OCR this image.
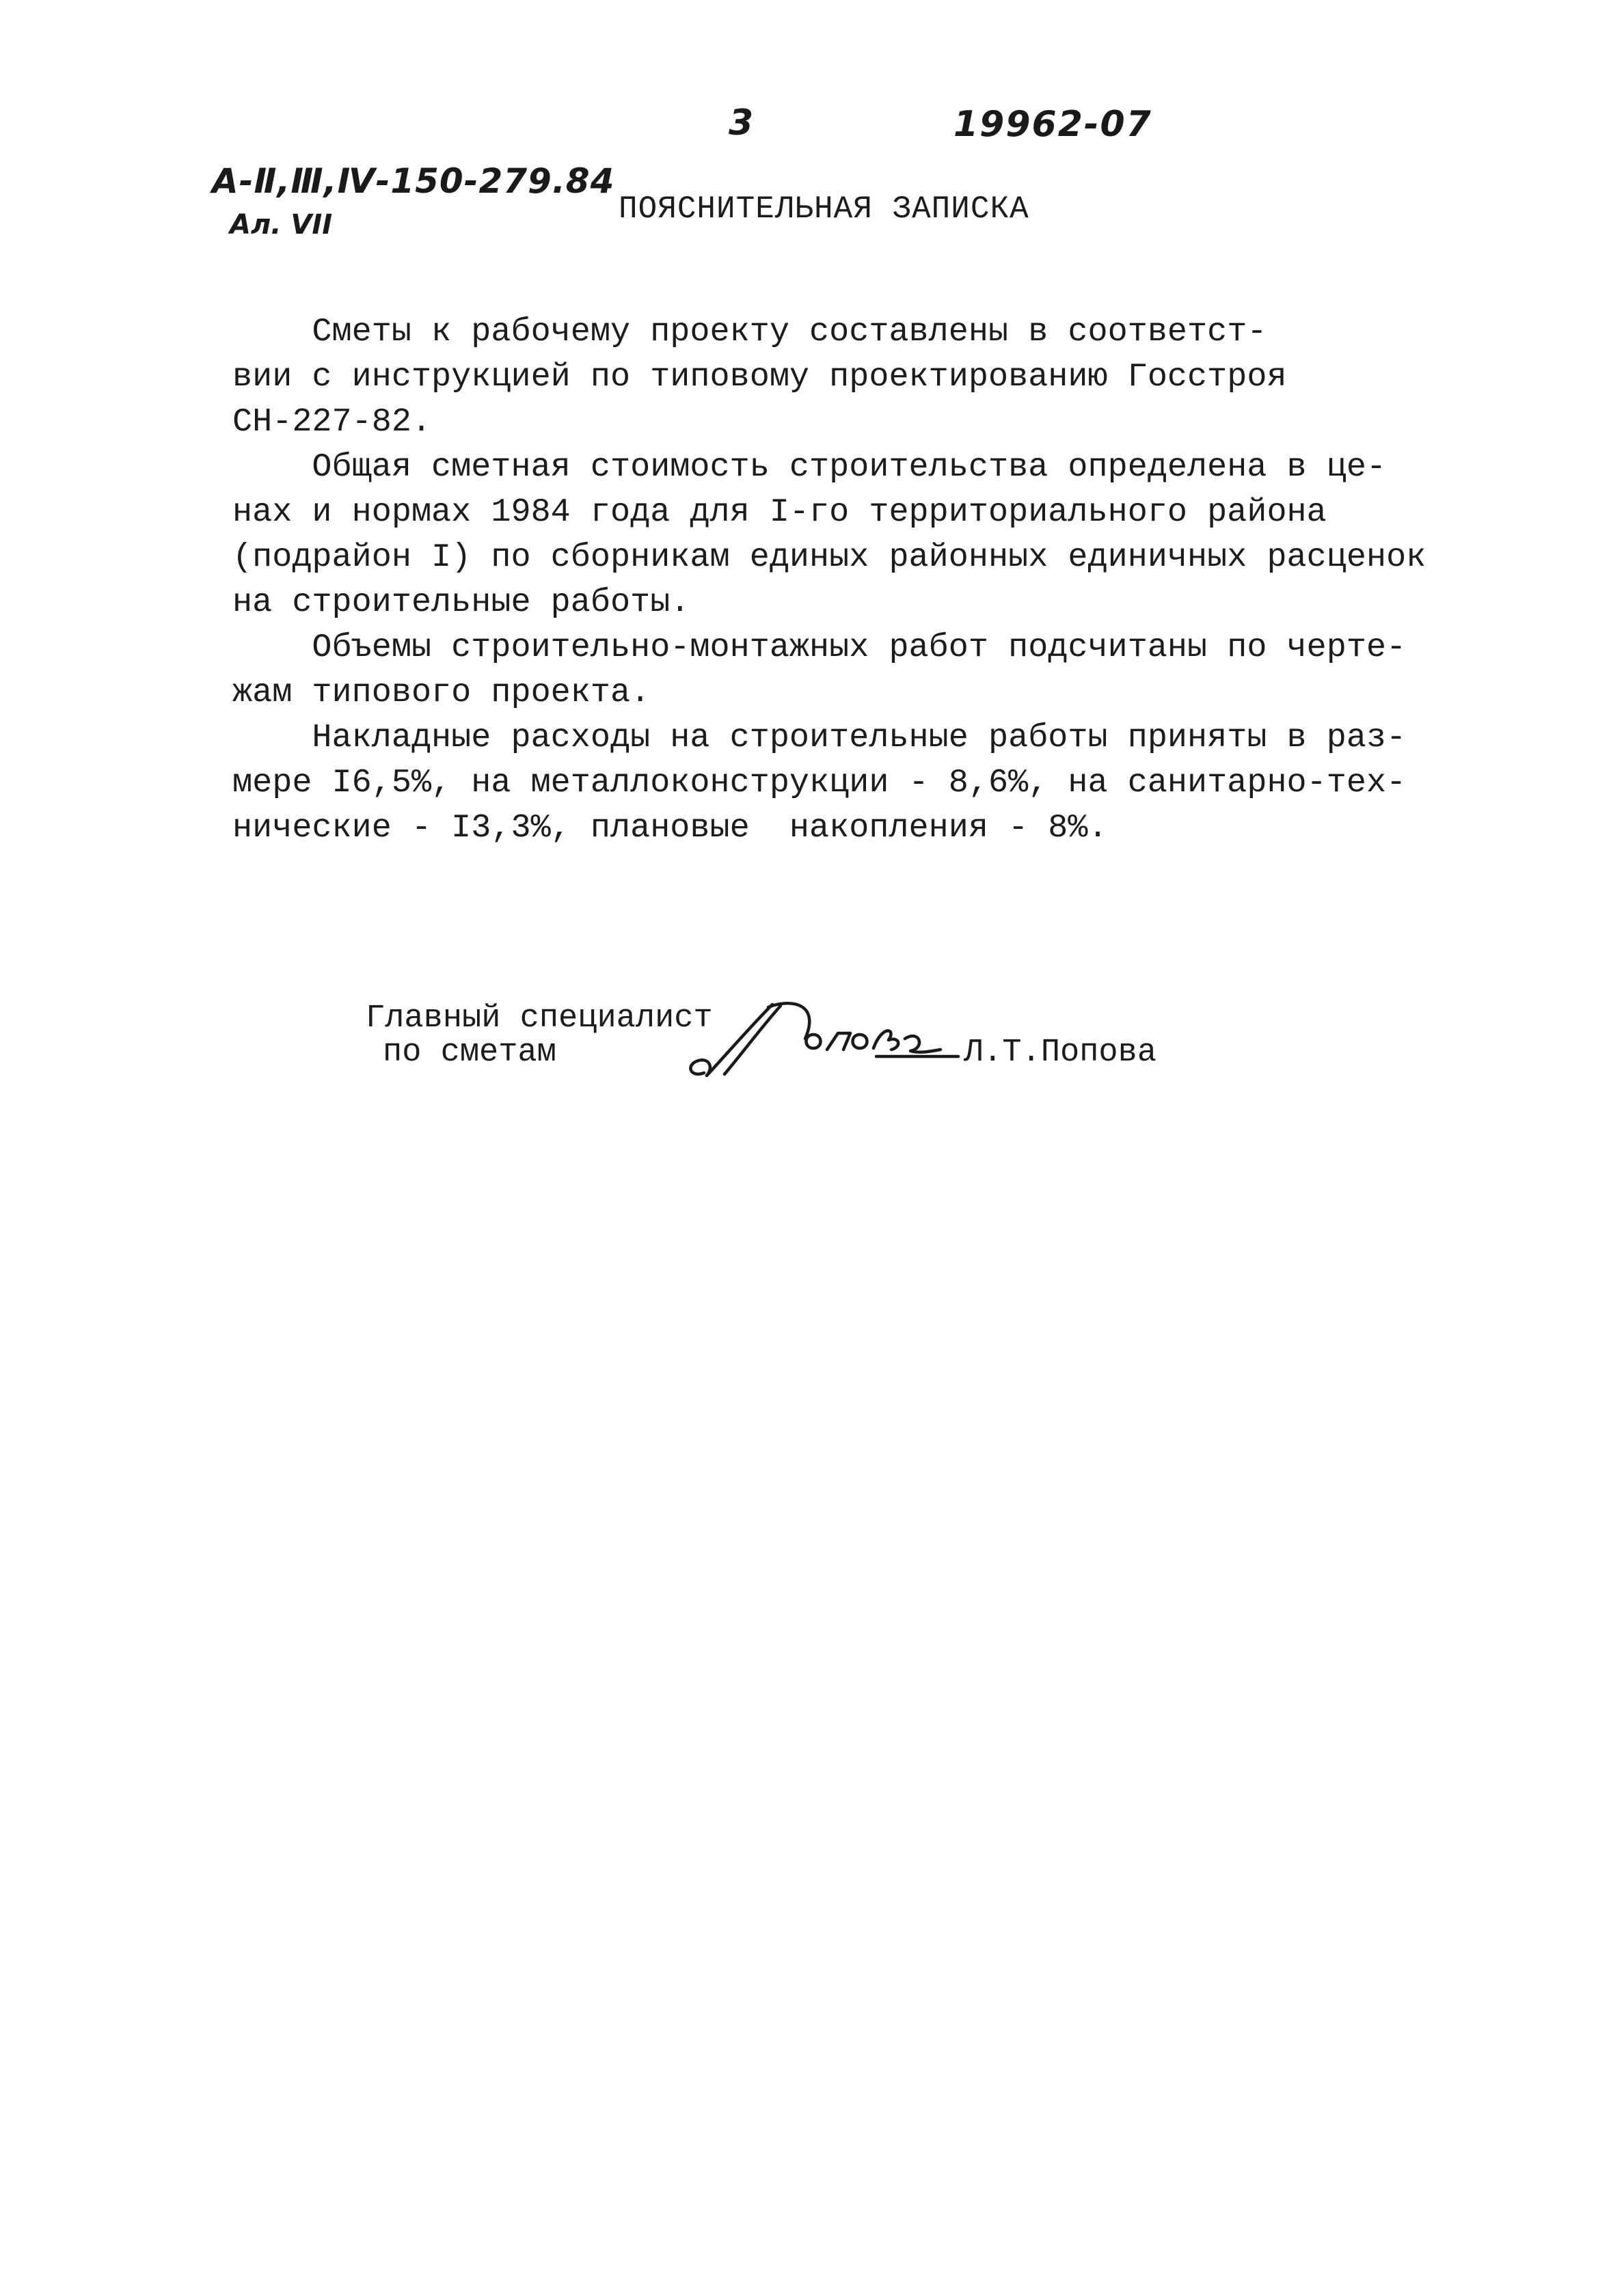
3	19962-07
А-Ⅱ,Ⅲ,Ⅳ-150-279.84
Ал. VII	ПОЯСНИТЕЛЬНАЯ ЗАПИСКА
Сметы к рабочему проекту составлены в соответст-
вии с инструкцией по типовому проектированию Госстроя
СН-227-82.
Общая сметная стоимость строительства определена в це-
нах и нормах 1984 года для I-го территориального района
(подрайон I) по сборникам единых районных единичных расценок
на строительные работы.
Объемы строительно-монтажных работ подсчитаны по черте-
жам типового проекта.
Накладные расходы на строительные работы приняты в раз-
мере I6,5%, на металлоконструкции - 8,6%, на санитарно-тех-
нические - I3,3%, плановые  накопления - 8%.
Главный специалист
по сметам	Л.Т.Попова
